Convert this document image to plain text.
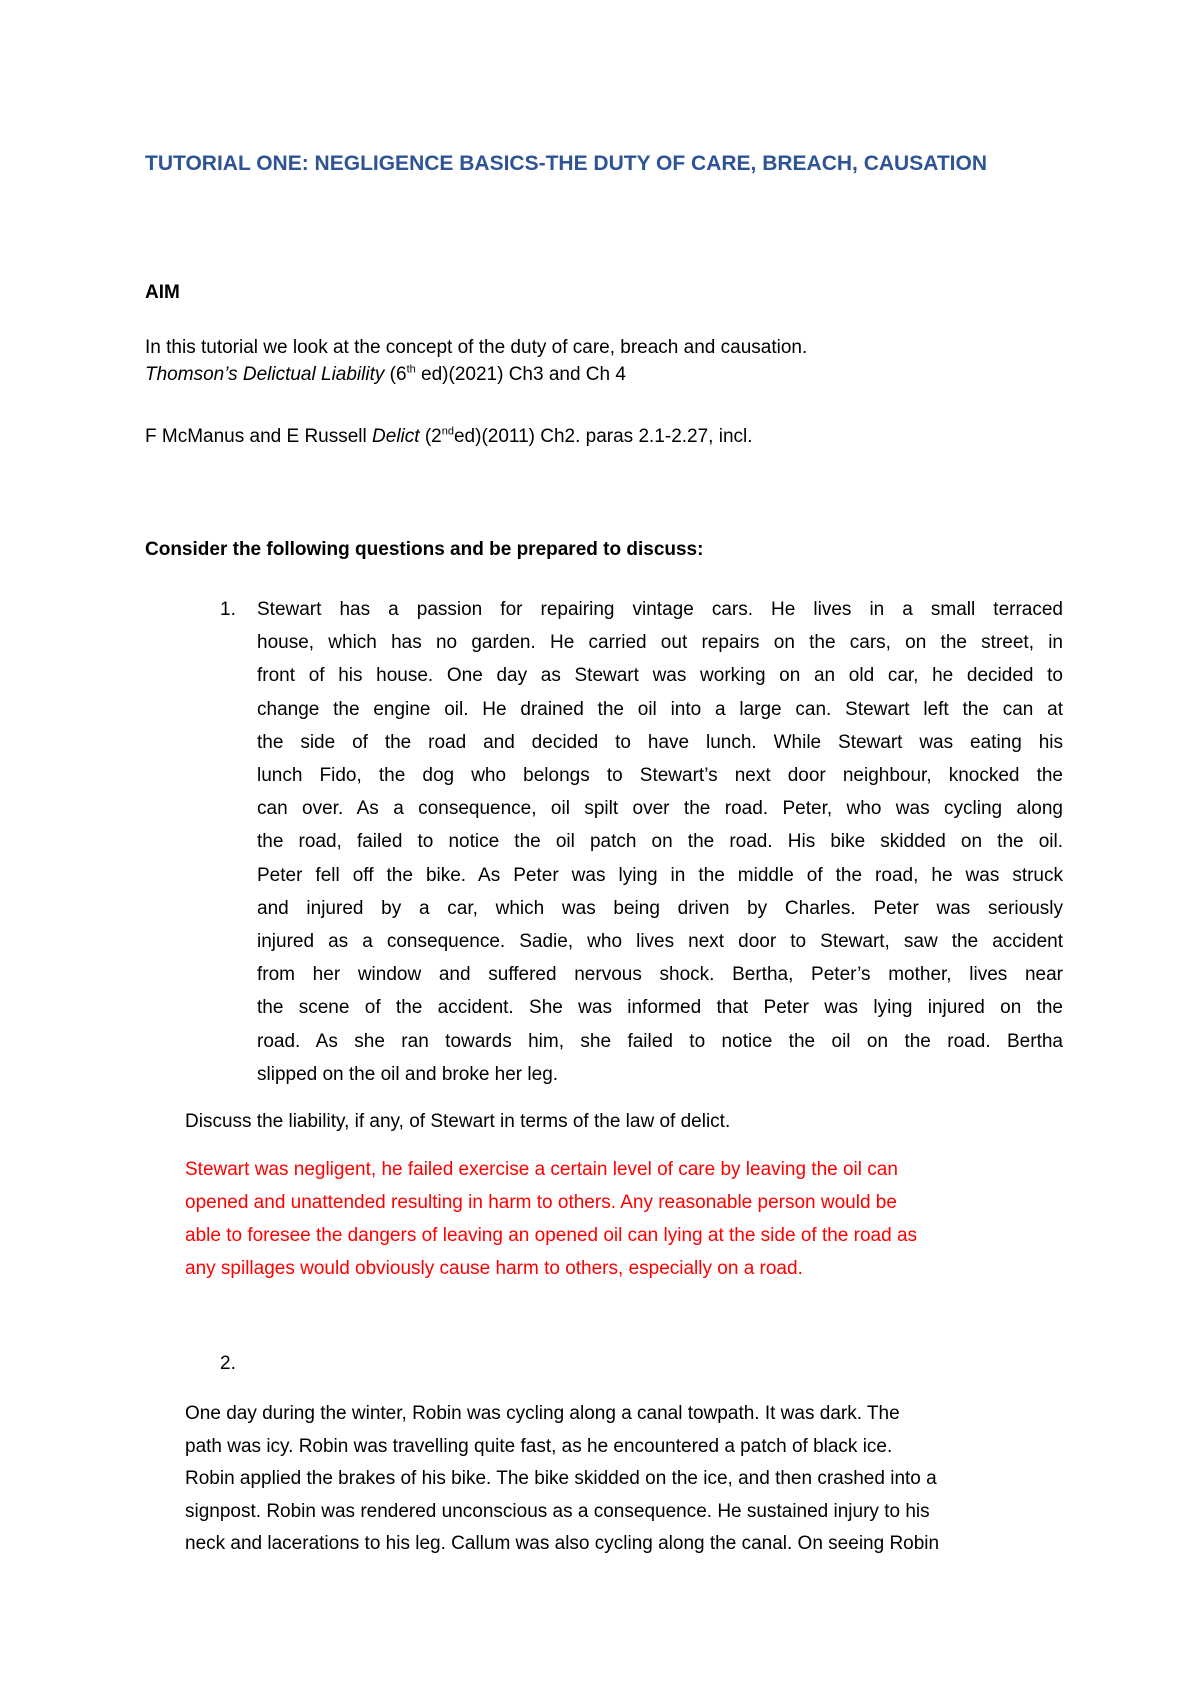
TUTORIAL ONE: NEGLIGENCE BASICS-THE DUTY OF CARE, BREACH, CAUSATION
AIM
In this tutorial we look at the concept of the duty of care, breach and causation.
Thomson’s Delictual Liability (6th ed)(2021) Ch3 and Ch 4
F McManus and E Russell Delict (2nded)(2011) Ch2. paras 2.1-2.27, incl.
Consider the following questions and be prepared to discuss:
1. Stewart has a passion for repairing vintage cars. He lives in a small terraced
house, which has no garden. He carried out repairs on the cars, on the street, in
front of his house. One day as Stewart was working on an old car, he decided to
change the engine oil. He drained the oil into a large can. Stewart left the can at
the side of the road and decided to have lunch. While Stewart was eating his
lunch Fido, the dog who belongs to Stewart’s next door neighbour, knocked the
can over. As a consequence, oil spilt over the road. Peter, who was cycling along
the road, failed to notice the oil patch on the road. His bike skidded on the oil.
Peter fell off the bike. As Peter was lying in the middle of the road, he was struck
and injured by a car, which was being driven by Charles. Peter was seriously
injured as a consequence. Sadie, who lives next door to Stewart, saw the accident
from her window and suffered nervous shock. Bertha, Peter’s mother, lives near
the scene of the accident. She was informed that Peter was lying injured on the
road. As she ran towards him, she failed to notice the oil on the road. Bertha
slipped on the oil and broke her leg.
Discuss the liability, if any, of Stewart in terms of the law of delict.
Stewart was negligent, he failed exercise a certain level of care by leaving the oil can
opened and unattended resulting in harm to others. Any reasonable person would be
able to foresee the dangers of leaving an opened oil can lying at the side of the road as
any spillages would obviously cause harm to others, especially on a road.
2.
One day during the winter, Robin was cycling along a canal towpath. It was dark. The
path was icy. Robin was travelling quite fast, as he encountered a patch of black ice.
Robin applied the brakes of his bike. The bike skidded on the ice, and then crashed into a
signpost. Robin was rendered unconscious as a consequence. He sustained injury to his
neck and lacerations to his leg. Callum was also cycling along the canal. On seeing Robin
